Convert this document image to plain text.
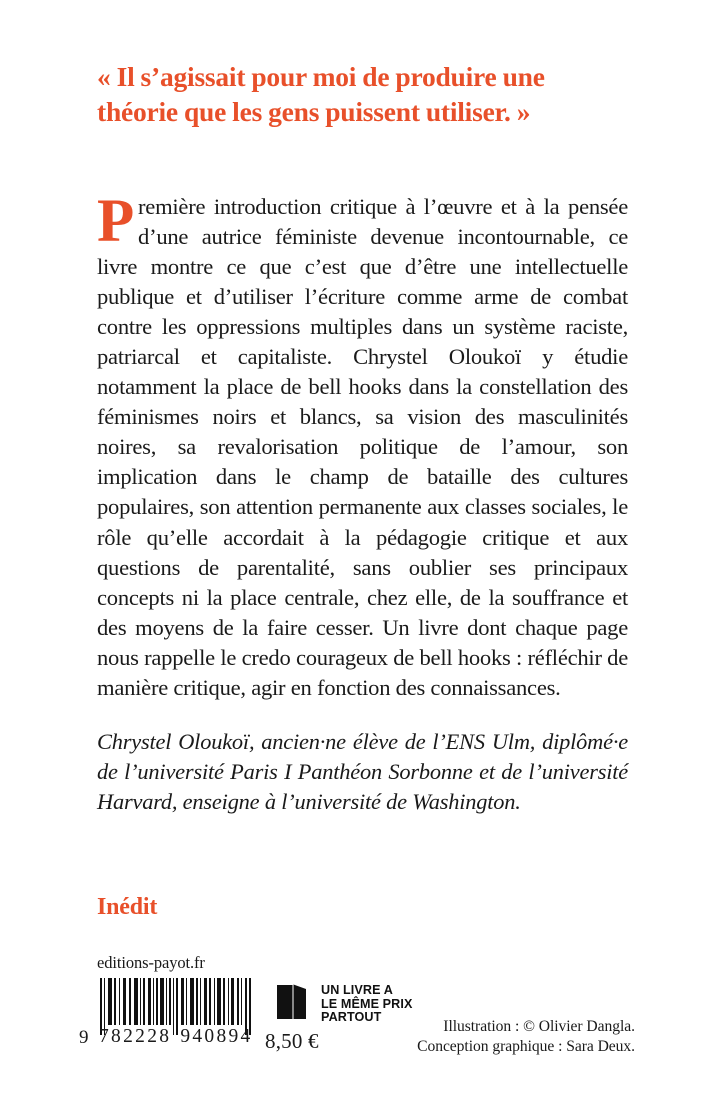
« Il s’agissait pour moi de produire une théorie que les gens puissent utiliser. »

Première introduction critique à l’œuvre et à la pensée d’une autrice féministe devenue incontournable, ce livre montre ce que c’est que d’être une intellectuelle publique et d’utiliser l’écriture comme arme de combat contre les oppressions multiples dans un système raciste, patriarcal et capitaliste. Chrystel Oloukoï y étudie notamment la place de bell hooks dans la constellation des féminismes noirs et blancs, sa vision des masculinités noires, sa revalorisation politique de l’amour, son implication dans le champ de bataille des cultures populaires, son attention permanente aux classes sociales, le rôle qu’elle accordait à la pédagogie critique et aux questions de parentalité, sans oublier ses principaux concepts ni la place centrale, chez elle, de la souffrance et des moyens de la faire cesser. Un livre dont chaque page nous rappelle le credo courageux de bell hooks : réfléchir de manière critique, agir en fonction des connaissances.

Chrystel Oloukoï, ancien·ne élève de l’ENS Ulm, diplômé·e de l’université Paris I Panthéon Sorbonne et de l’université Harvard, enseigne à l’université de Washington.

Inédit
editions-payot.fr
9 782228 940894 8,50 €
UN LIVRE A
LE MÊME PRIX
PARTOUT
Illustration : © Olivier Dangla.
Conception graphique : Sara Deux.
